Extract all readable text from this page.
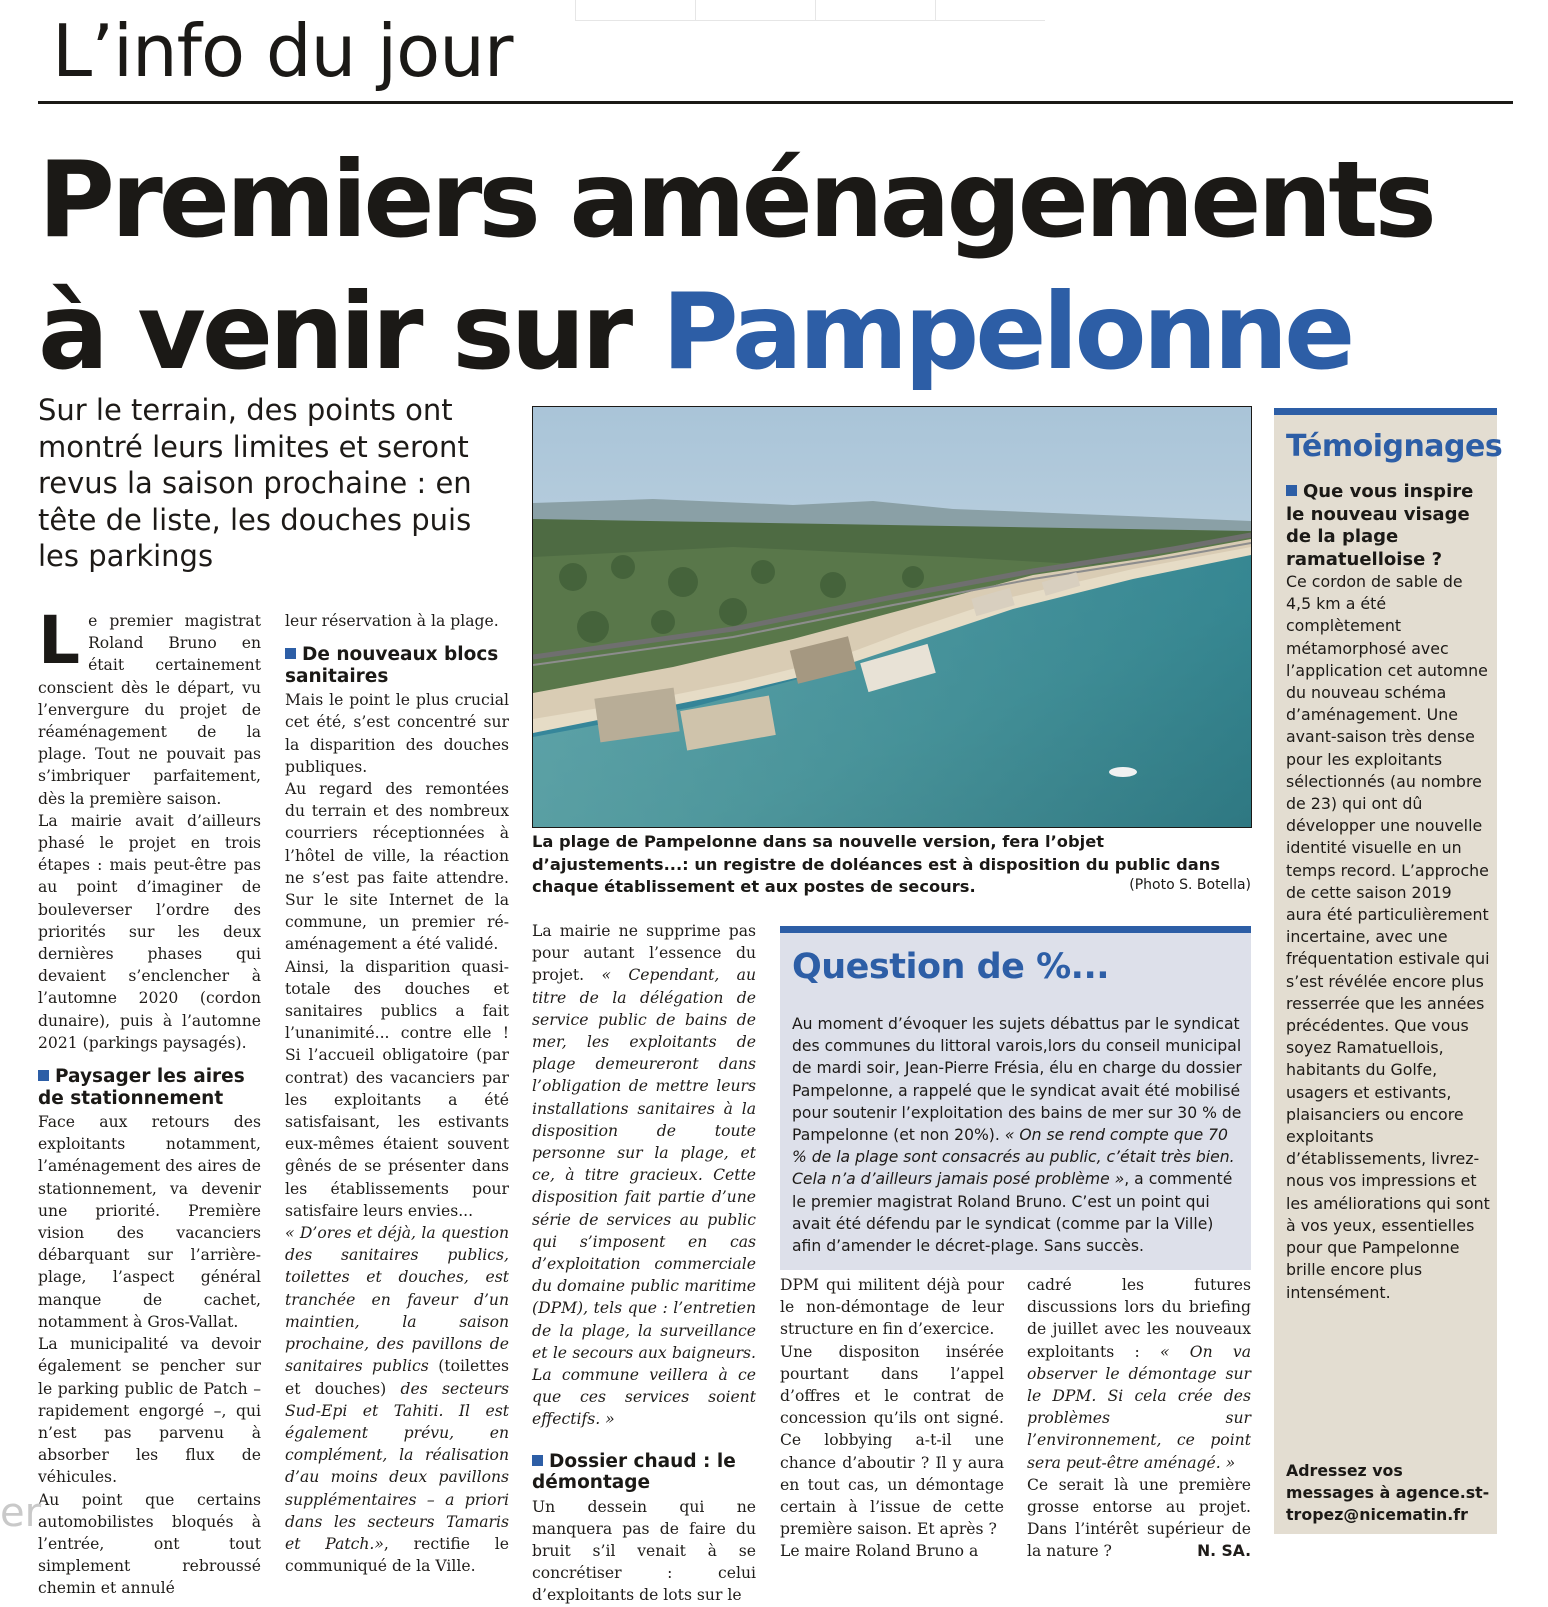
L’info du jour
Premiers aménagements
à venir sur Pampelonne
Sur le terrain, des points ont montré leurs limites et seront revus la saison prochaine : en tête de liste, les douches puis les parkings

Le premier magistrat Roland Bruno en était certainement conscient dès le départ, vu l’envergure du projet de réaménagement de la plage. Tout ne pouvait pas s’imbriquer parfaitement, dès la première saison.

La mairie avait d’ailleurs phasé le projet en trois étapes : mais peut-être pas au point d’imaginer de bouleverser l’ordre des priorités sur les deux dernières phases qui devaient s’enclencher à l’automne 2020 (cordon dunaire), puis à l’automne 2021 (parkings paysagés).

Paysager les aires de stationnement

Face aux retours des exploitants notamment, l’aménagement des aires de stationnement, va devenir une priorité. Première vision des vacanciers débarquant sur l’arrière-plage, l’aspect général manque de cachet, notamment à Gros-Vallat.

La municipalité va devoir également se pencher sur le parking public de Patch – rapidement engorgé –, qui n’est pas parvenu à absorber les flux de véhicules.

Au point que certains automobilistes bloqués à l’entrée, ont tout simplement rebroussé chemin et annulé

leur réservation à la plage.

De nouveaux blocs sanitaires

Mais le point le plus crucial cet été, s’est concentré sur la disparition des douches publiques.

Au regard des remontées du terrain et des nombreux courriers réceptionnées à l’hôtel de ville, la réaction ne s’est pas faite attendre. Sur le site Internet de la commune, un premier ré-aménagement a été validé.

Ainsi, la disparition quasi-totale des douches et sanitaires publics a fait l’unanimité... contre elle ! Si l’accueil obligatoire (par contrat) des vacanciers par les exploitants a été satisfaisant, les estivants eux-mêmes étaient souvent gênés de se présenter dans les établissements pour satisfaire leurs envies...

« D’ores et déjà, la question des sanitaires publics, toilettes et douches, est tranchée en faveur d’un maintien, la saison prochaine, des pavillons de sanitaires publics (toilettes et douches) des secteurs Sud-Epi et Tahiti. Il est également prévu, en complément, la réalisation d’au moins deux pavillons supplémentaires – a priori dans les secteurs Tamaris et Patch.», rectifie le communiqué de la Ville.

La plage de Pampelonne dans sa nouvelle version, fera l’objet d’ajustements...: un registre de doléances est à disposition du public dans chaque établissement et aux postes de secours.	(Photo S. Botella)

La mairie ne supprime pas pour autant l’essence du projet. « Cependant, au titre de la délégation de service public de bains de mer, les exploitants de plage demeureront dans l’obligation de mettre leurs installations sanitaires à la disposition de toute personne sur la plage, et ce, à titre gracieux. Cette disposition fait partie d’une série de services au public qui s’imposent en cas d’exploitation commerciale du domaine public maritime (DPM), tels que : l’entretien de la plage, la surveillance et le secours aux baigneurs. La commune veillera à ce que ces services soient effectifs. »

Dossier chaud : le démontage

Un dessein qui ne manquera pas de faire du bruit s’il venait à se concrétiser : celui d’exploitants de lots sur le

Question de %...
Au moment d’évoquer les sujets débattus par le syndicat des communes du littoral varois,lors du conseil municipal de mardi soir, Jean-Pierre Frésia, élu en charge du dossier Pampelonne, a rappelé que le syndicat avait été mobilisé pour soutenir l’exploitation des bains de mer sur 30 % de Pampelonne (et non 20%). « On se rend compte que 70 % de la plage sont consacrés au public, c’était très bien. Cela n’a d’ailleurs jamais posé problème », a commenté le premier magistrat Roland Bruno. C’est un point qui avait été défendu par le syndicat (comme par la Ville) afin d’amender le décret-plage. Sans succès.

DPM qui militent déjà pour le non-démontage de leur structure en fin d’exercice.

Une dispositon insérée pourtant dans l’appel d’offres et le contrat de concession qu’ils ont signé. Ce lobbying a-t-il une chance d’aboutir ? Il y aura en tout cas, un démontage certain à l’issue de cette première saison. Et après ?

Le maire Roland Bruno a

cadré les futures discussions lors du briefing de juillet avec les nouveaux exploitants : « On va observer le démontage sur le DPM. Si cela crée des problèmes sur l’environnement, ce point sera peut-être aménagé. »

Ce serait là une première grosse entorse au projet. Dans l’intérêt supérieur de la nature ?	N. SA.

Témoignages
Que vous inspire le nouveau visage de la plage ramatuelloise ?
Ce cordon de sable de 4,5 km a été complètement métamorphosé avec l’application cet automne du nouveau schéma d’aménagement. Une avant-saison très dense pour les exploitants sélectionnés (au nombre de 23) qui ont dû développer une nouvelle identité visuelle en un temps record. L’approche de cette saison 2019 aura été particulièrement incertaine, avec une fréquentation estivale qui s’est révélée encore plus resserrée que les années précédentes. Que vous soyez Ramatuellois, habitants du Golfe, usagers et estivants, plaisanciers ou encore exploitants d’établissements, livrez-nous vos impressions et les améliorations qui sont à vos yeux, essentielles pour que Pampelonne brille encore plus intensément.
Adressez vos messages à agence.st-tropez@nicematin.fr
er
